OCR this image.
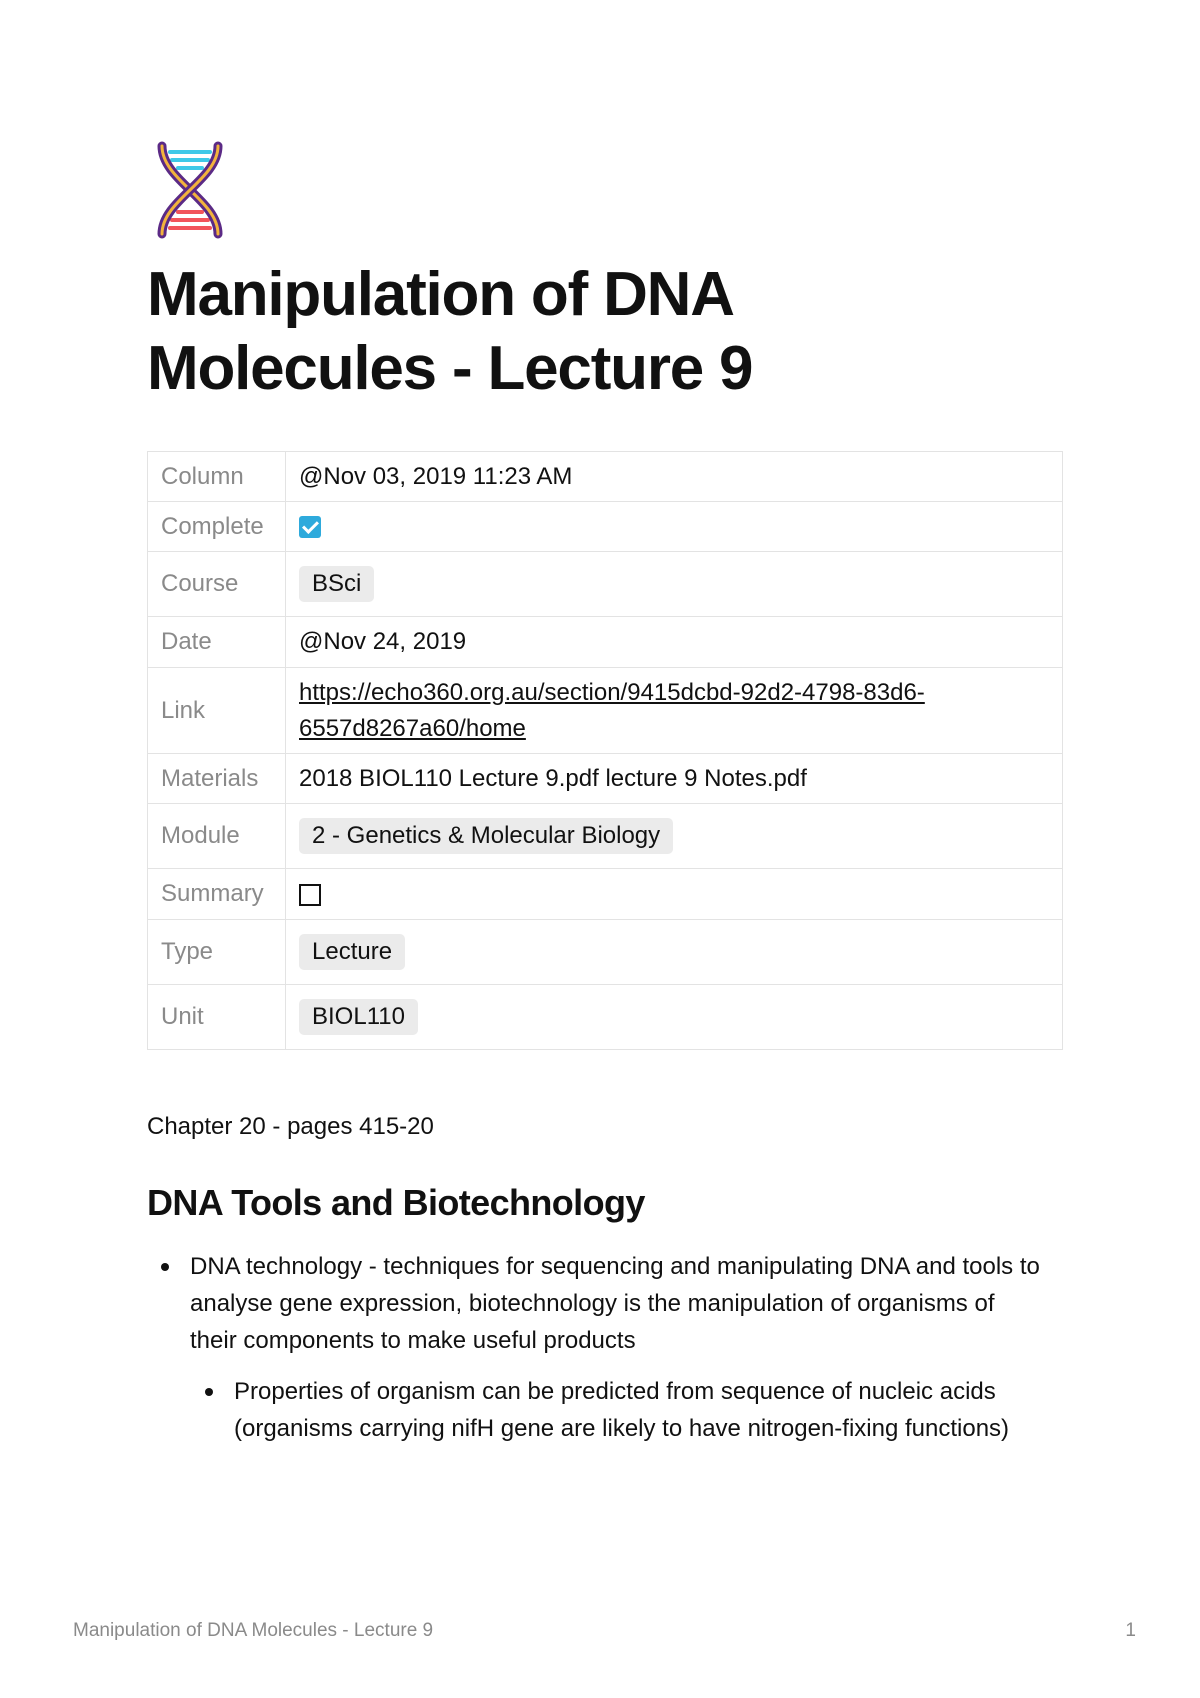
Manipulation of DNA Molecules - Lecture 9
Column	@Nov 03, 2019 11:23 AM
Complete	
Course	BSci
Date	@Nov 24, 2019
Link	https://echo360.org.au/section/9415dcbd-92d2-4798-83d6-
6557d8267a60/home
Materials	2018 BIOL110 Lecture 9.pdf lecture 9 Notes.pdf
Module	2 - Genetics & Molecular Biology
Summary	
Type	Lecture
Unit	BIOL110

Chapter 20 - pages 415-20

DNA Tools and Biotechnology
DNA technology - techniques for sequencing and manipulating DNA and tools to analyse gene expression, biotechnology is the manipulation of organisms of their components to make useful products
Properties of organism can be predicted from sequence of nucleic acids (organisms carrying nifH gene are likely to have nitrogen-fixing functions)
Manipulation of DNA Molecules - Lecture 9	1
